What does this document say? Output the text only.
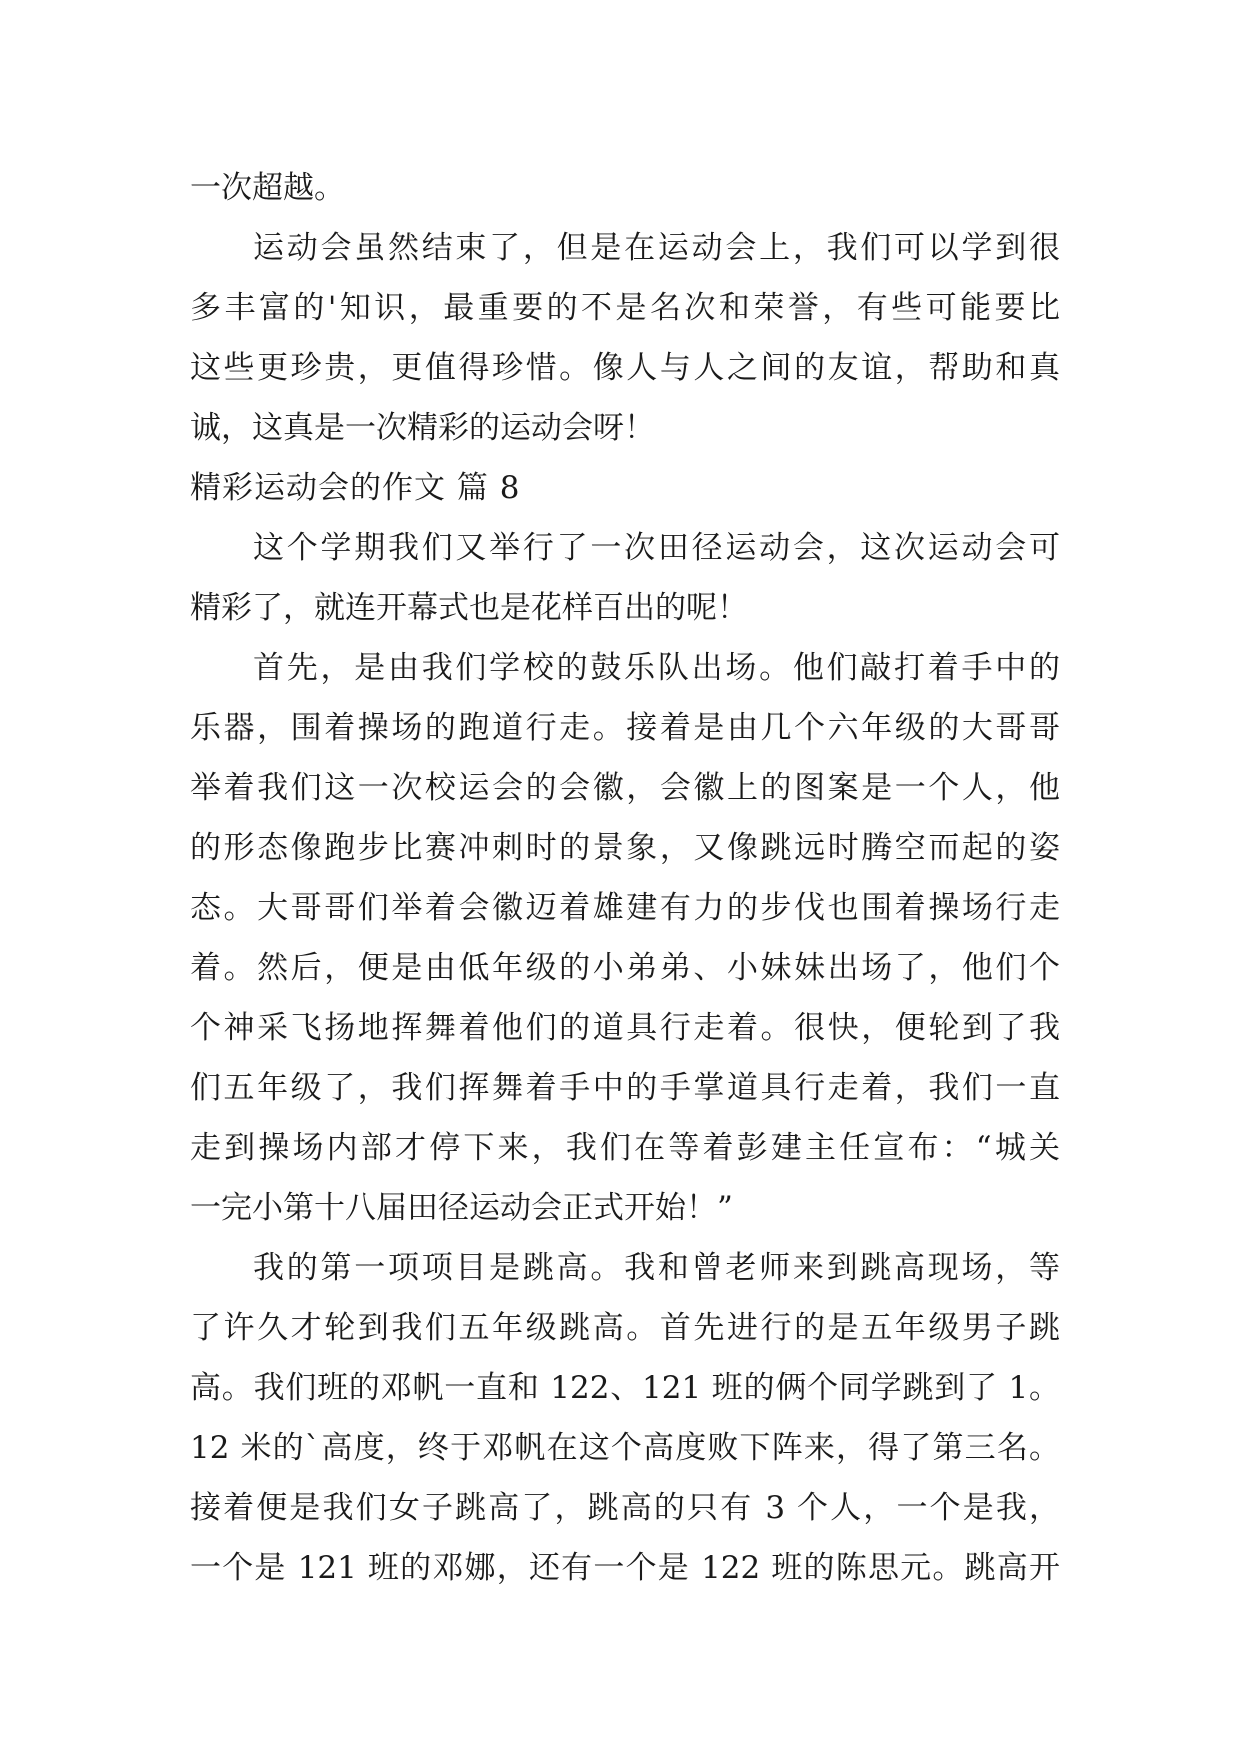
一次超越。
运动会虽然结束了，但是在运动会上，我们可以学到很
多丰富的'知识，最重要的不是名次和荣誉，有些可能要比
这些更珍贵，更值得珍惜。像人与人之间的友谊，帮助和真
诚，这真是一次精彩的运动会呀！
精彩运动会的作文 篇 8
这个学期我们又举行了一次田径运动会，这次运动会可
精彩了，就连开幕式也是花样百出的呢！
首先，是由我们学校的鼓乐队出场。他们敲打着手中的
乐器，围着操场的跑道行走。接着是由几个六年级的大哥哥
举着我们这一次校运会的会徽，会徽上的图案是一个人，他
的形态像跑步比赛冲刺时的景象，又像跳远时腾空而起的姿
态。大哥哥们举着会徽迈着雄建有力的步伐也围着操场行走
着。然后，便是由低年级的小弟弟、小妹妹出场了，他们个
个神采飞扬地挥舞着他们的道具行走着。很快，便轮到了我
们五年级了，我们挥舞着手中的手掌道具行走着，我们一直
走到操场内部才停下来，我们在等着彭建主任宣布：“城关
一完小第十八届田径运动会正式开始！”
我的第一项项目是跳高。我和曾老师来到跳高现场，等
了许久才轮到我们五年级跳高。首先进行的是五年级男子跳
高。我们班的邓帆一直和 122、121 班的俩个同学跳到了 1。
12 米的`高度，终于邓帆在这个高度败下阵来，得了第三名。
接着便是我们女子跳高了，跳高的只有 3 个人，一个是我，
一个是 121 班的邓娜，还有一个是 122 班的陈思元。跳高开
